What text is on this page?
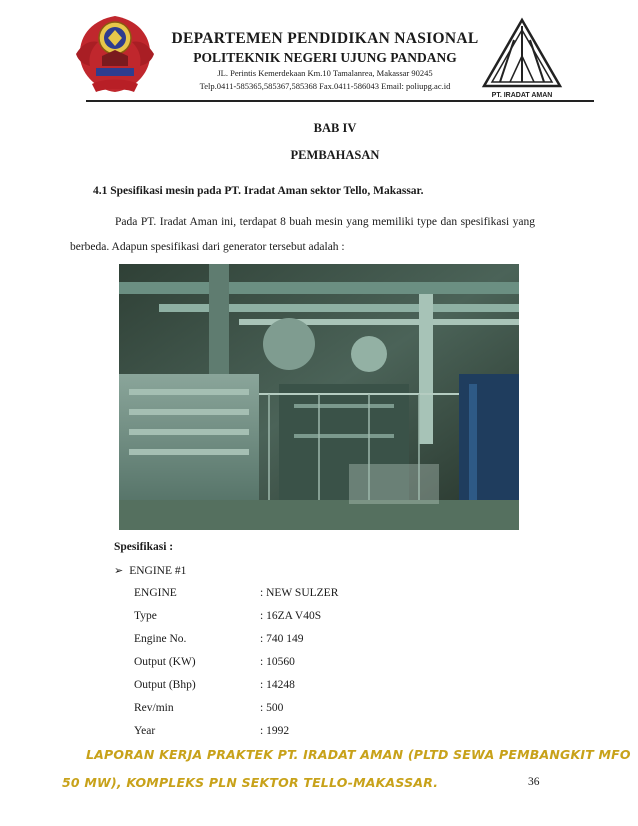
DEPARTEMEN PENDIDIKAN NASIONAL
POLITEKNIK NEGERI UJUNG PANDANG
JL. Perintis Kemerdekaan Km.10 Tamalanrea, Makassar 90245
Telp.0411-585365,585367,585368 Fax.0411-586043 Email: poliupg.ac.id
PT. IRADAT AMAN
BAB IV
PEMBAHASAN
4.1 Spesifikasi mesin pada PT. Iradat Aman sektor Tello, Makassar.
Pada PT. Iradat Aman ini, terdapat 8 buah mesin yang memiliki type dan spesifikasi yang
berbeda. Adapun spesifikasi dari generator tersebut adalah :
Spesifikasi :
➢ ENGINE #1
ENGINE	: NEW SULZER
Type	: 16ZA V40S
Engine No.	: 740 149
Output (KW)	: 10560
Output (Bhp)	: 14248
Rev/min	: 500
Year	: 1992
LAPORAN KERJA PRAKTEK PT. IRADAT AMAN (PLTD SEWA PEMBANGKIT MFO
50 MW), KOMPLEKS PLN SEKTOR TELLO-MAKASSAR.	36
